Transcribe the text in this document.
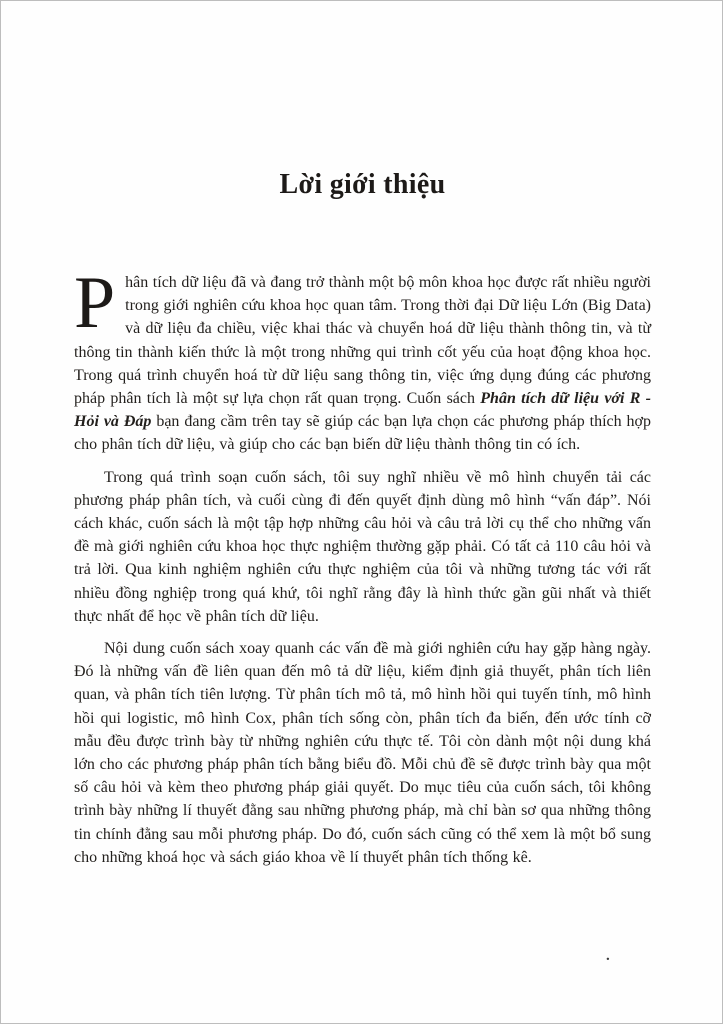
Lời giới thiệu

Phân tích dữ liệu đã và đang trở thành một bộ môn khoa học được rất nhiều người trong giới nghiên cứu khoa học quan tâm. Trong thời đại Dữ liệu Lớn (Big Data) và dữ liệu đa chiều, việc khai thác và chuyển hoá dữ liệu thành thông tin, và từ thông tin thành kiến thức là một trong những qui trình cốt yếu của hoạt động khoa học. Trong quá trình chuyển hoá từ dữ liệu sang thông tin, việc ứng dụng đúng các phương pháp phân tích là một sự lựa chọn rất quan trọng. Cuốn sách Phân tích dữ liệu với R - Hỏi và Đáp bạn đang cầm trên tay sẽ giúp các bạn lựa chọn các phương pháp thích hợp cho phân tích dữ liệu, và giúp cho các bạn biến dữ liệu thành thông tin có ích.

Trong quá trình soạn cuốn sách, tôi suy nghĩ nhiều về mô hình chuyển tải các phương pháp phân tích, và cuối cùng đi đến quyết định dùng mô hình “vấn đáp”. Nói cách khác, cuốn sách là một tập hợp những câu hỏi và câu trả lời cụ thể cho những vấn đề mà giới nghiên cứu khoa học thực nghiệm thường gặp phải. Có tất cả 110 câu hỏi và trả lời. Qua kinh nghiệm nghiên cứu thực nghiệm của tôi và những tương tác với rất nhiều đồng nghiệp trong quá khứ, tôi nghĩ rằng đây là hình thức gần gũi nhất và thiết thực nhất để học về phân tích dữ liệu.

Nội dung cuốn sách xoay quanh các vấn đề mà giới nghiên cứu hay gặp hàng ngày. Đó là những vấn đề liên quan đến mô tả dữ liệu, kiểm định giả thuyết, phân tích liên quan, và phân tích tiên lượng. Từ phân tích mô tả, mô hình hồi qui tuyến tính, mô hình hồi qui logistic, mô hình Cox, phân tích sống còn, phân tích đa biến, đến ước tính cỡ mẫu đều được trình bày từ những nghiên cứu thực tế. Tôi còn dành một nội dung khá lớn cho các phương pháp phân tích bằng biểu đồ. Mỗi chủ đề sẽ được trình bày qua một số câu hỏi và kèm theo phương pháp giải quyết. Do mục tiêu của cuốn sách, tôi không trình bày những lí thuyết đằng sau những phương pháp, mà chỉ bàn sơ qua những thông tin chính đằng sau mỗi phương pháp. Do đó, cuốn sách cũng có thể xem là một bổ sung cho những khoá học và sách giáo khoa về lí thuyết phân tích thống kê.

.
